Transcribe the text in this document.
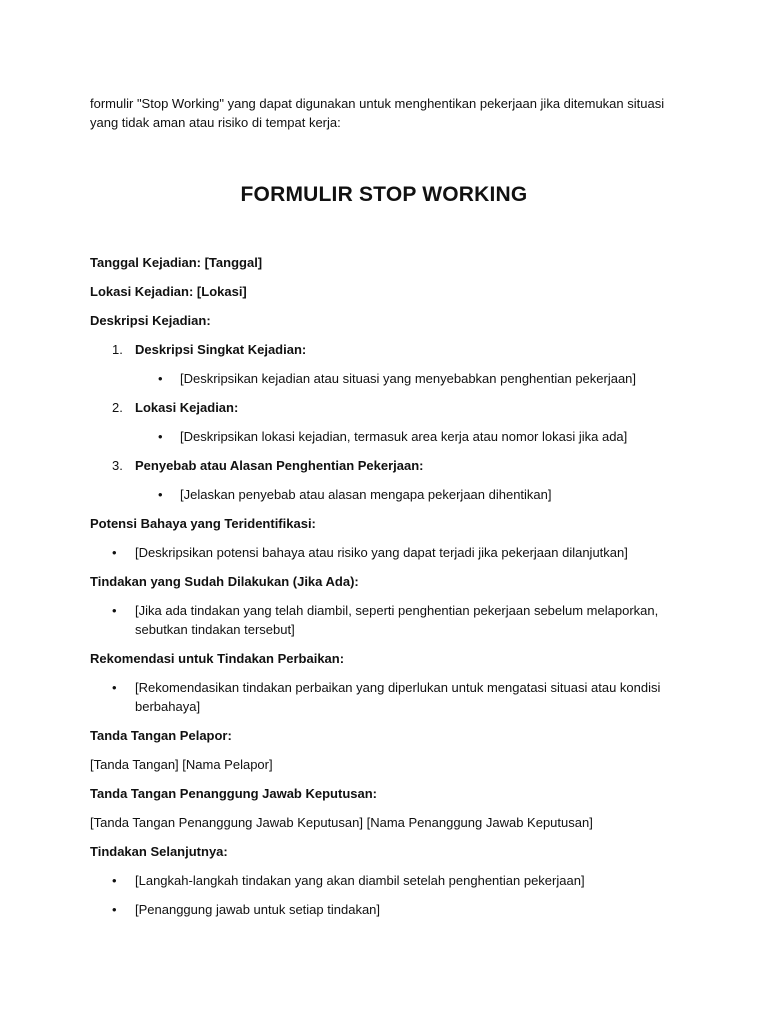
formulir "Stop Working" yang dapat digunakan untuk menghentikan pekerjaan jika ditemukan situasi yang tidak aman atau risiko di tempat kerja:

FORMULIR STOP WORKING

Tanggal Kejadian: [Tanggal]

Lokasi Kejadian: [Lokasi]

Deskripsi Kejadian:

1. Deskripsi Singkat Kejadian:
•
[Deskripsikan kejadian atau situasi yang menyebabkan penghentian pekerjaan]
2. Lokasi Kejadian:
•
[Deskripsikan lokasi kejadian, termasuk area kerja atau nomor lokasi jika ada]
3. Penyebab atau Alasan Penghentian Pekerjaan:
•
[Jelaskan penyebab atau alasan mengapa pekerjaan dihentikan]

Potensi Bahaya yang Teridentifikasi:

•
[Deskripsikan potensi bahaya atau risiko yang dapat terjadi jika pekerjaan dilanjutkan]

Tindakan yang Sudah Dilakukan (Jika Ada):

•
[Jika ada tindakan yang telah diambil, seperti penghentian pekerjaan sebelum melaporkan, sebutkan tindakan tersebut]

Rekomendasi untuk Tindakan Perbaikan:

•
[Rekomendasikan tindakan perbaikan yang diperlukan untuk mengatasi situasi atau kondisi berbahaya]

Tanda Tangan Pelapor:

[Tanda Tangan] [Nama Pelapor]

Tanda Tangan Penanggung Jawab Keputusan:

[Tanda Tangan Penanggung Jawab Keputusan] [Nama Penanggung Jawab Keputusan]

Tindakan Selanjutnya:

•
[Langkah-langkah tindakan yang akan diambil setelah penghentian pekerjaan]
•
[Penanggung jawab untuk setiap tindakan]
